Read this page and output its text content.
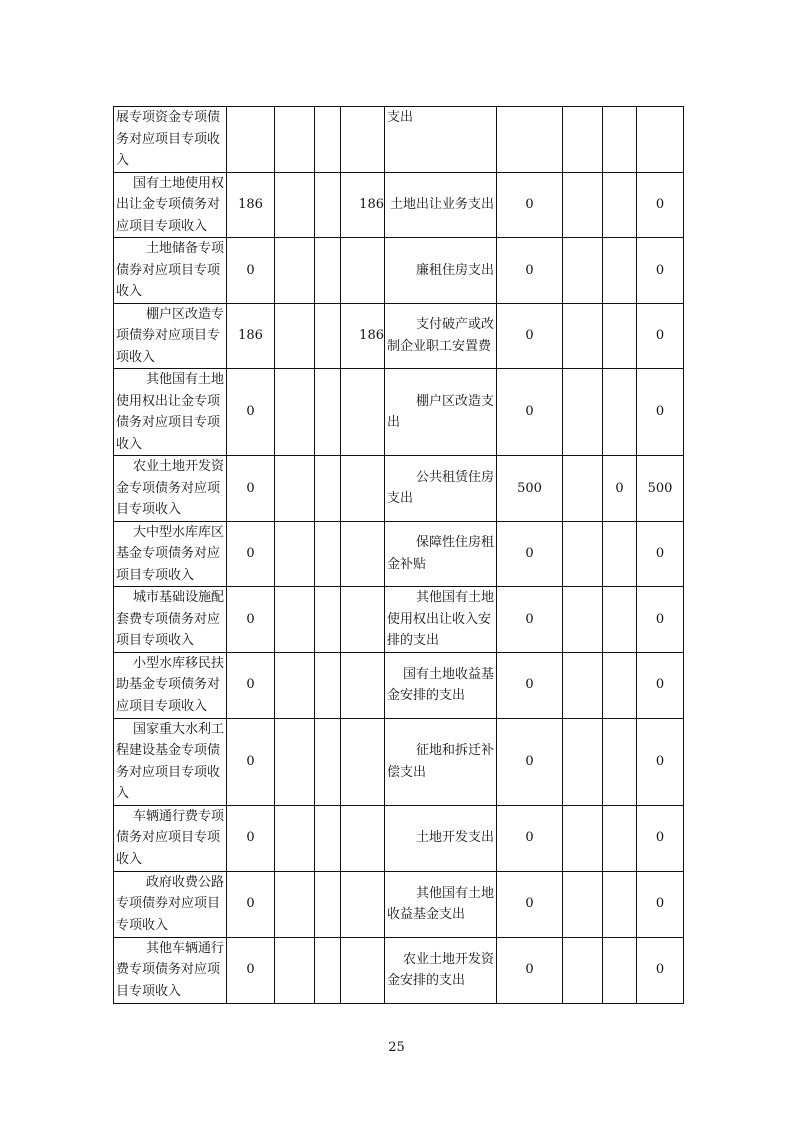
展专项资金专项债
务对应项目专项收
入					支出				

国有土地使用权
出让金专项债务对
应项目专项收入	186			186	土地出让业务支出	0			0

土地储备专项
债券对应项目专项
收入	0				廉租住房支出	0			0

棚户区改造专
项债券对应项目专
项收入	186			186	支付破产或改
制企业职工安置费	0			0

其他国有土地
使用权出让金专项
债务对应项目专项
收入	0				棚户区改造支
出	0			0

农业土地开发资
金专项债务对应项
目专项收入	0				公共租赁住房
支出	500		0	500

大中型水库库区
基金专项债务对应
项目专项收入	0				保障性住房租
金补贴	0			0

城市基础设施配
套费专项债务对应
项目专项收入	0				其他国有土地
使用权出让收入安
排的支出	0			0

小型水库移民扶
助基金专项债务对
应项目专项收入	0				国有土地收益基
金安排的支出	0			0

国家重大水利工
程建设基金专项债
务对应项目专项收
入	0				征地和拆迁补
偿支出	0			0

车辆通行费专项
债务对应项目专项
收入	0				土地开发支出	0			0

政府收费公路
专项债券对应项目
专项收入	0				其他国有土地
收益基金支出	0			0

其他车辆通行
费专项债务对应项
目专项收入	0				农业土地开发资
金安排的支出	0			0
25
